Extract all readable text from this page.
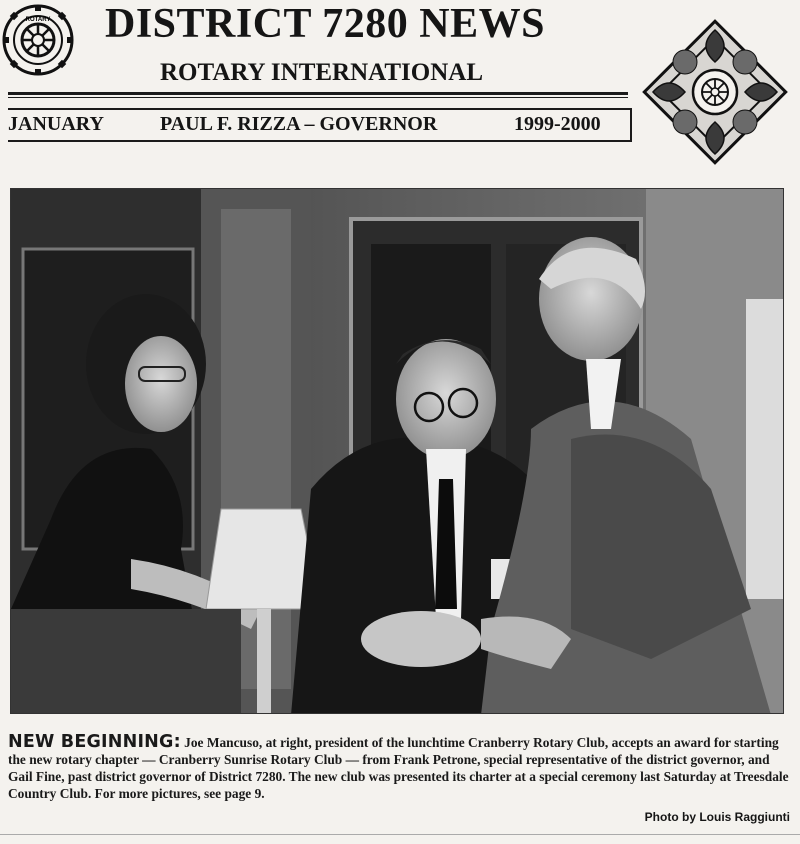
ROTARY DISTRICT 7280 NEWS
ROTARY INTERNATIONAL
JANUARY	PAUL F. RIZZA – GOVERNOR	1999-2000
NEW BEGINNING: Joe Mancuso, at right, president of the lunchtime Cranberry Rotary Club, accepts an award for starting the new rotary chapter — Cranberry Sunrise Rotary Club — from Frank Petrone, special representative of the district governor, and Gail Fine, past district governor of District 7280. The new club was presented its charter at a special ceremony last Saturday at Treesdale Country Club. For more pictures, see page 9.
Photo by Louis Raggiunti
